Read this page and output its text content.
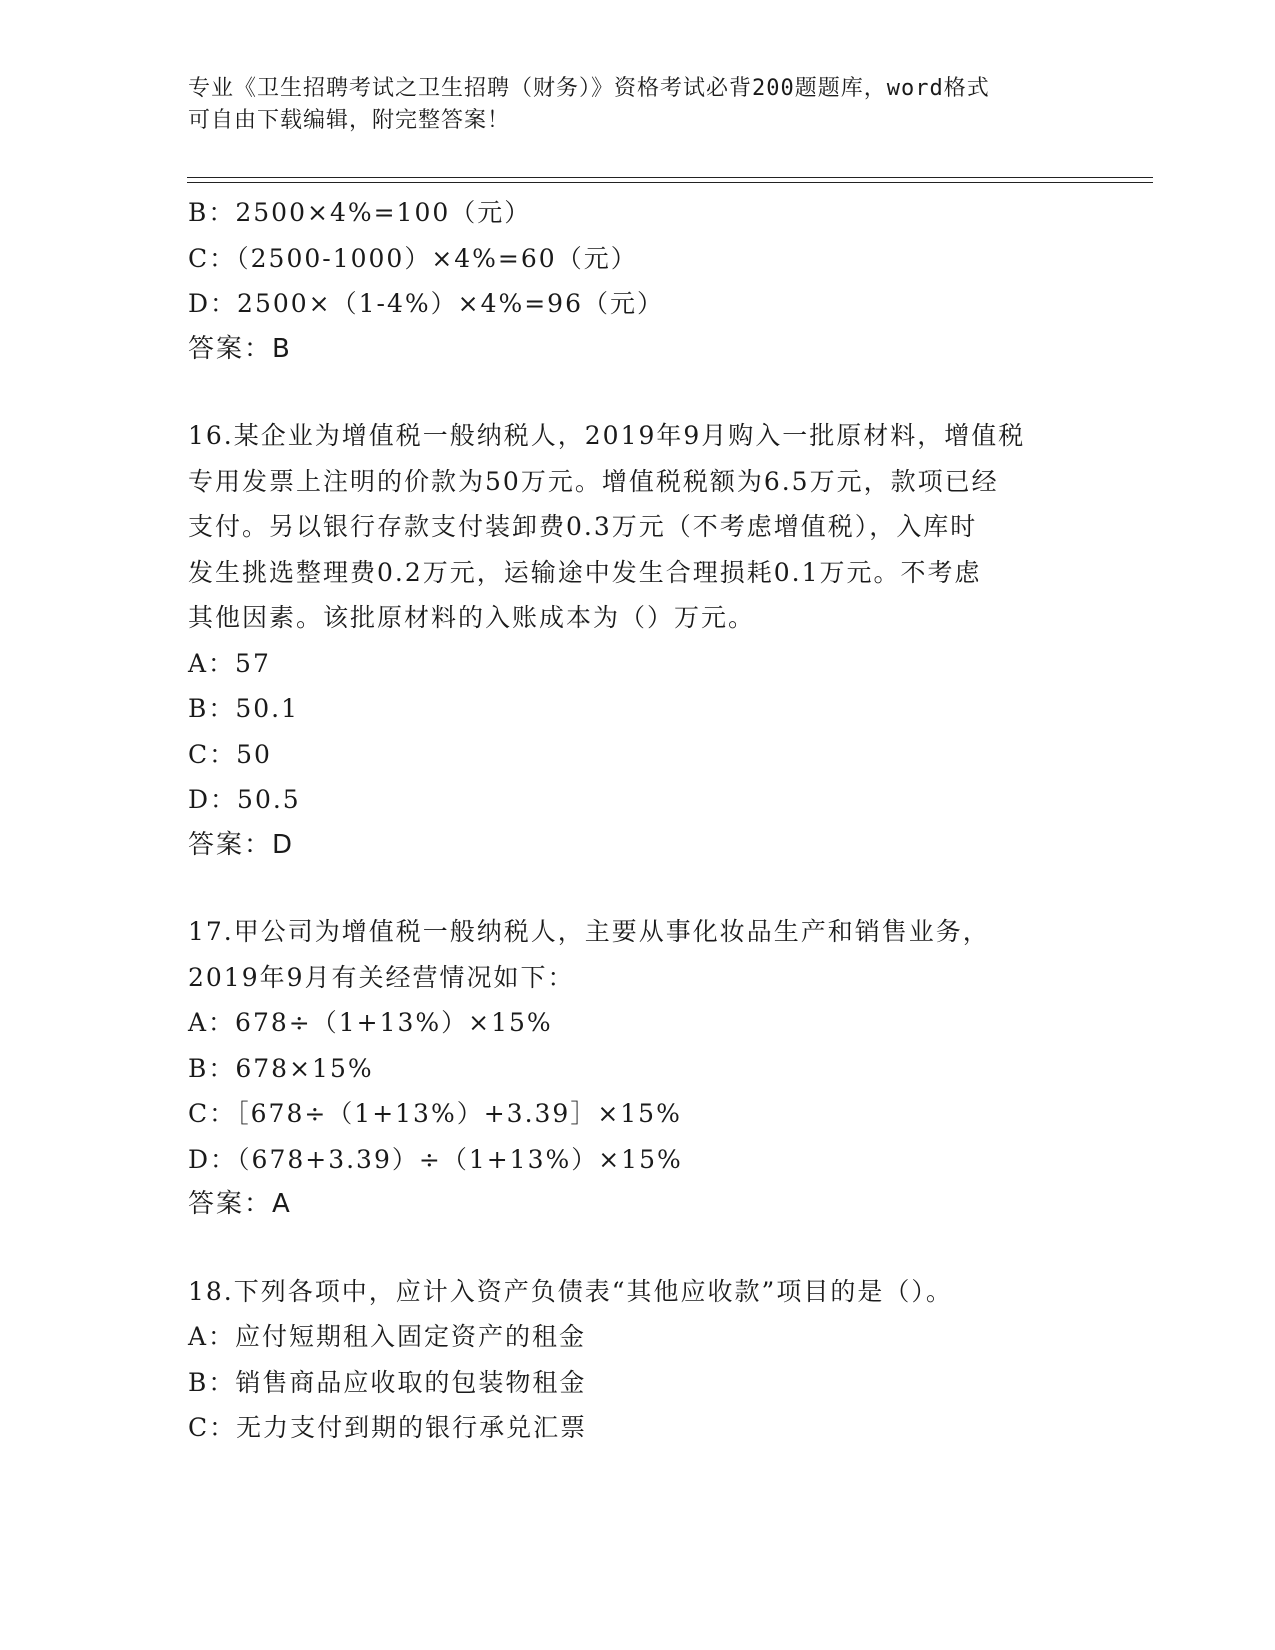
专业《卫生招聘考试之卫生招聘（财务）》资格考试必背200题题库，word格式
可自由下载编辑，附完整答案！
B：2500×4%=100（元）
C：（2500-1000）×4%=60（元）
D：2500×（1-4%）×4%=96（元）
答案：B
16.某企业为增值税一般纳税人，2019年9月购入一批原材料，增值税
专用发票上注明的价款为50万元。增值税税额为6.5万元，款项已经
支付。另以银行存款支付装卸费0.3万元（不考虑增值税），入库时
发生挑选整理费0.2万元，运输途中发生合理损耗0.1万元。不考虑
其他因素。该批原材料的入账成本为（）万元。
A：57
B：50.1
C：50
D：50.5
答案：D
17.甲公司为增值税一般纳税人，主要从事化妆品生产和销售业务，
2019年9月有关经营情况如下：
A：678÷（1+13%）×15%
B：678×15%
C：［678÷（1+13%）+3.39］×15%
D：（678+3.39）÷（1+13%）×15%
答案：A
18.下列各项中，应计入资产负债表“其他应收款”项目的是（）。
A：应付短期租入固定资产的租金
B：销售商品应收取的包装物租金
C：无力支付到期的银行承兑汇票
